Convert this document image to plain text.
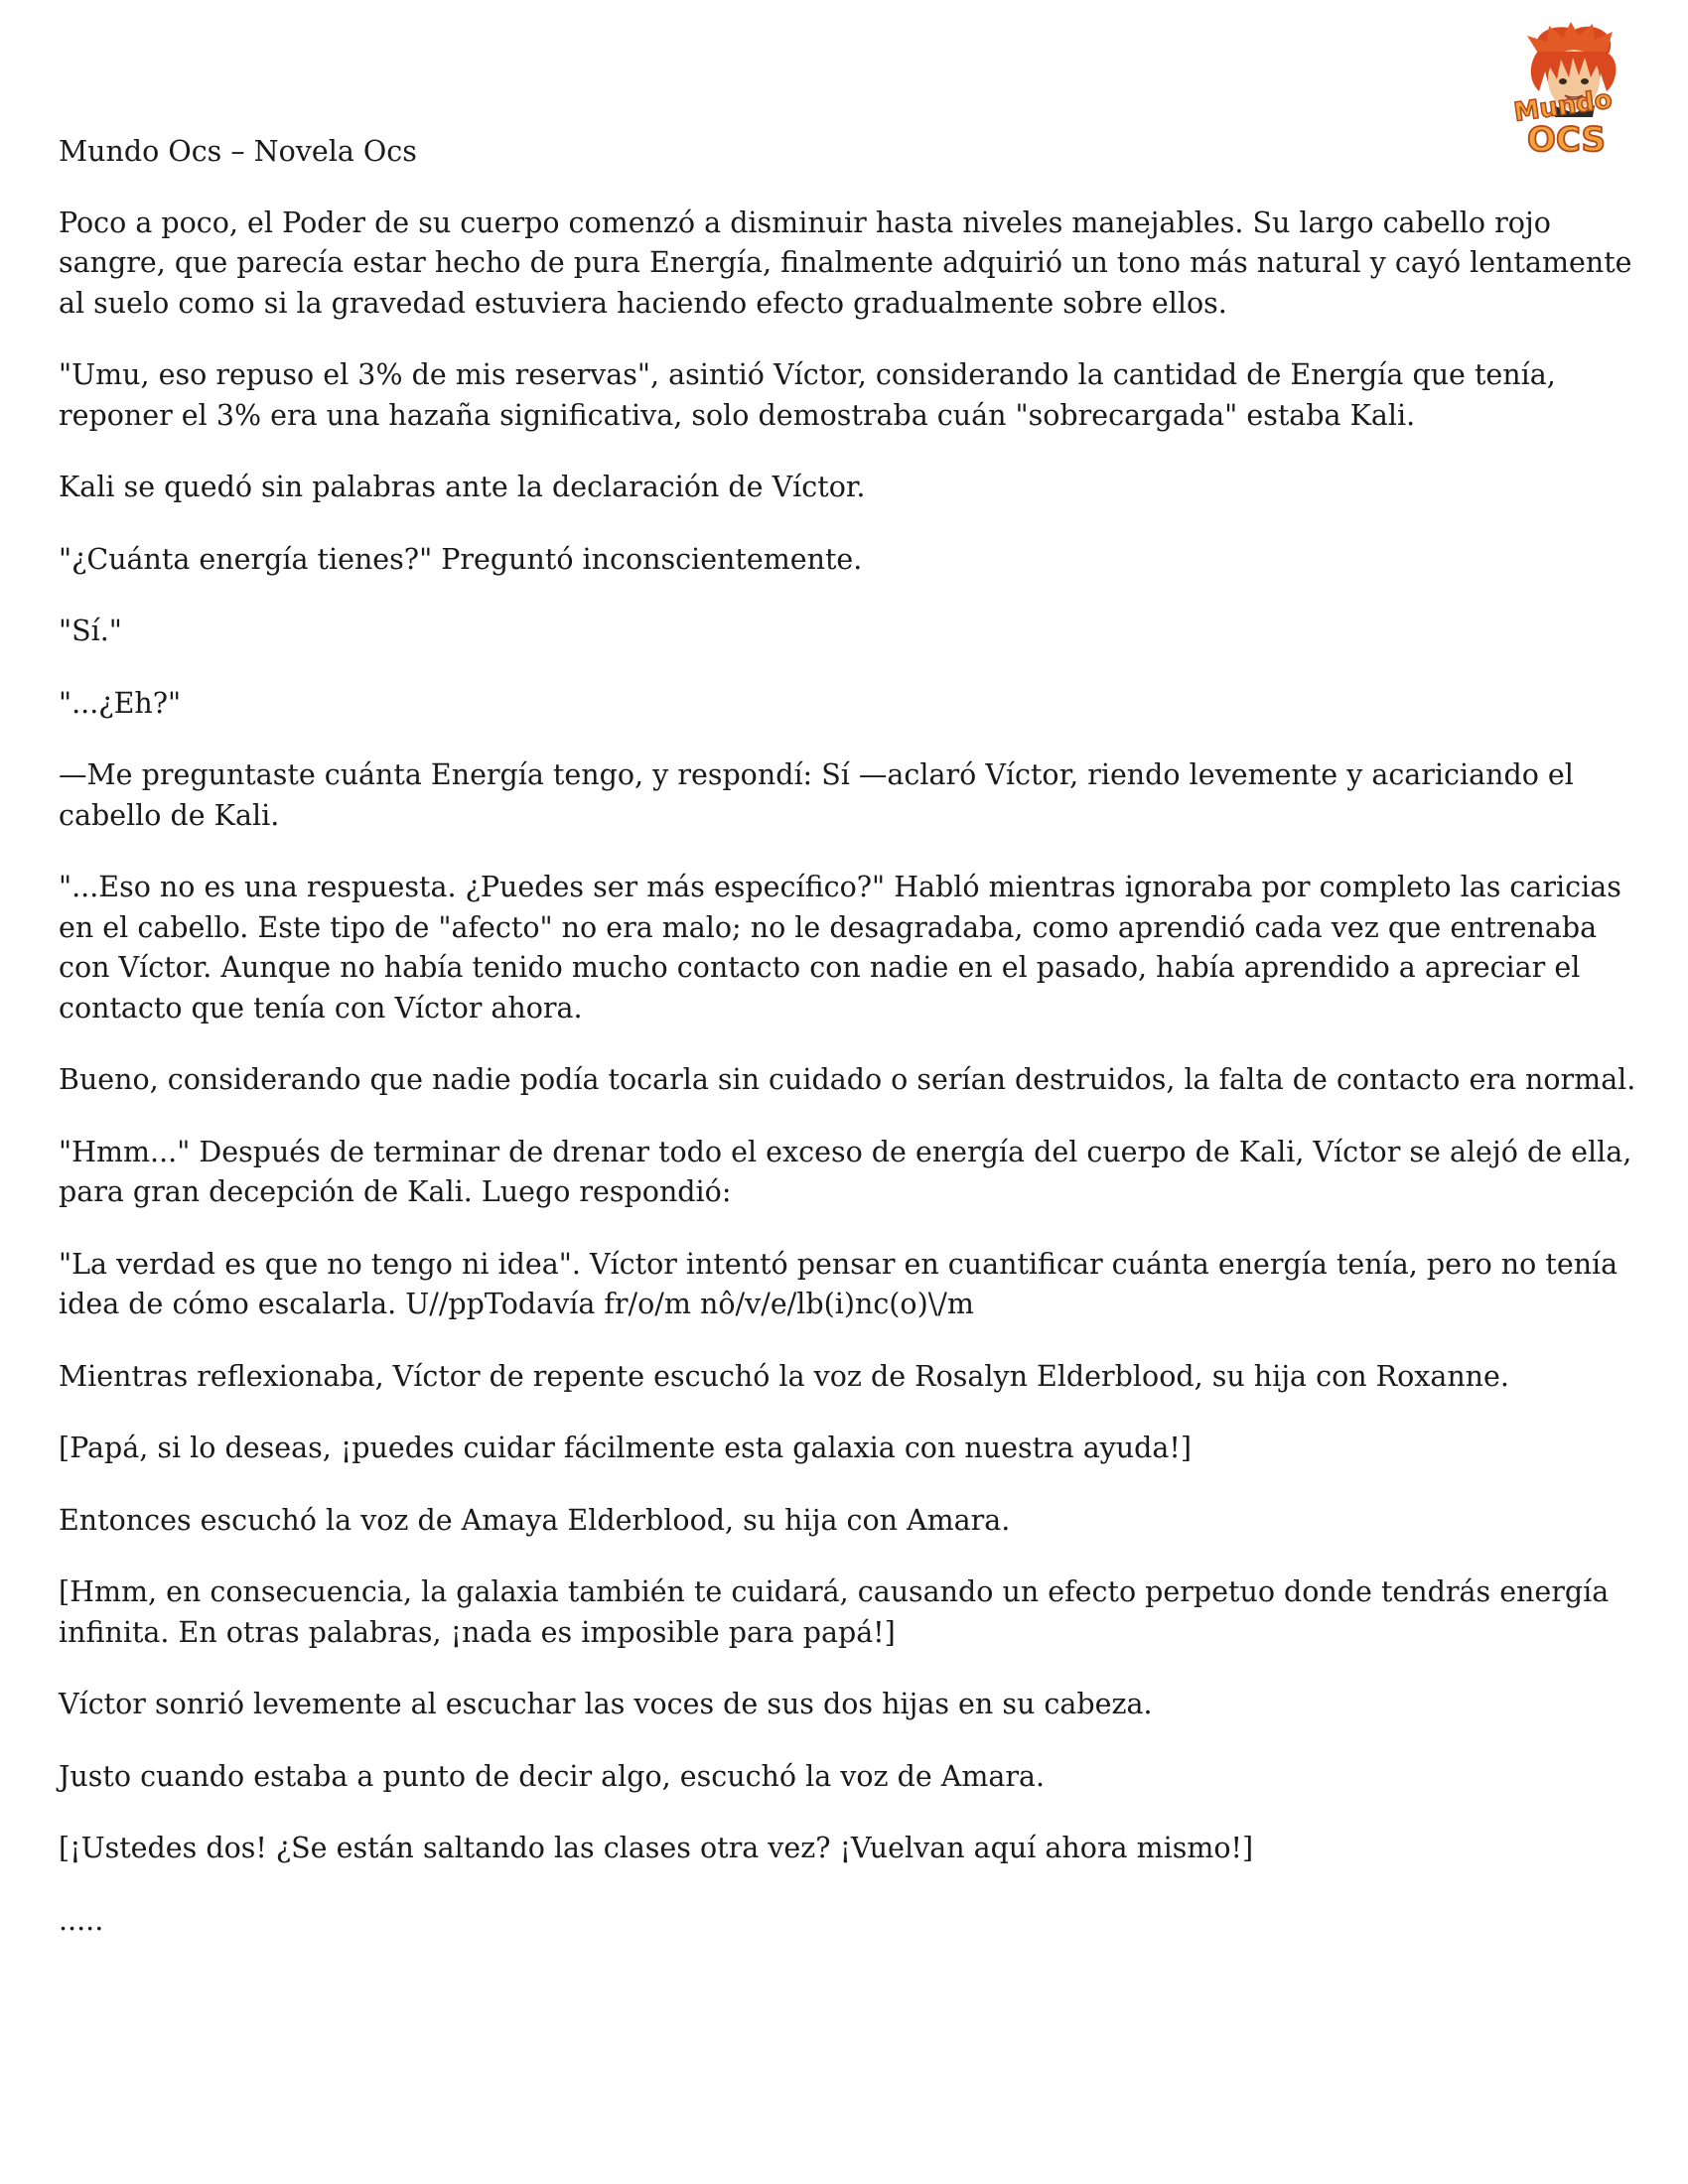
Mundo
OCS

Mundo Ocs – Novela Ocs

Poco a poco, el Poder de su cuerpo comenzó a disminuir hasta niveles manejables. Su largo cabello rojo sangre, que parecía estar hecho de pura Energía, finalmente adquirió un tono más natural y cayó lentamente al suelo como si la gravedad estuviera haciendo efecto gradualmente sobre ellos.

"Umu, eso repuso el 3% de mis reservas", asintió Víctor, considerando la cantidad de Energía que tenía, reponer el 3% era una hazaña significativa, solo demostraba cuán "sobrecargada" estaba Kali.

Kali se quedó sin palabras ante la declaración de Víctor.

"¿Cuánta energía tienes?" Preguntó inconscientemente.

"Sí."

"...¿Eh?"

—Me preguntaste cuánta Energía tengo, y respondí: Sí —aclaró Víctor, riendo levemente y acariciando el cabello de Kali.

"...Eso no es una respuesta. ¿Puedes ser más específico?" Habló mientras ignoraba por completo las caricias en el cabello. Este tipo de "afecto" no era malo; no le desagradaba, como aprendió cada vez que entrenaba con Víctor. Aunque no había tenido mucho contacto con nadie en el pasado, había aprendido a apreciar el contacto que tenía con Víctor ahora.

Bueno, considerando que nadie podía tocarla sin cuidado o serían destruidos, la falta de contacto era normal.

"Hmm..." Después de terminar de drenar todo el exceso de energía del cuerpo de Kali, Víctor se alejó de ella, para gran decepción de Kali. Luego respondió:

"La verdad es que no tengo ni idea". Víctor intentó pensar en cuantificar cuánta energía tenía, pero no tenía idea de cómo escalarla. U//ppTodavía fr/o/m nô/v/e/lb(i)nc(o)\/m

Mientras reflexionaba, Víctor de repente escuchó la voz de Rosalyn Elderblood, su hija con Roxanne.

[Papá, si lo deseas, ¡puedes cuidar fácilmente esta galaxia con nuestra ayuda!]

Entonces escuchó la voz de Amaya Elderblood, su hija con Amara.

[Hmm, en consecuencia, la galaxia también te cuidará, causando un efecto perpetuo donde tendrás energía infinita. En otras palabras, ¡nada es imposible para papá!]

Víctor sonrió levemente al escuchar las voces de sus dos hijas en su cabeza.

Justo cuando estaba a punto de decir algo, escuchó la voz de Amara.

[¡Ustedes dos! ¿Se están saltando las clases otra vez? ¡Vuelvan aquí ahora mismo!]

.....
